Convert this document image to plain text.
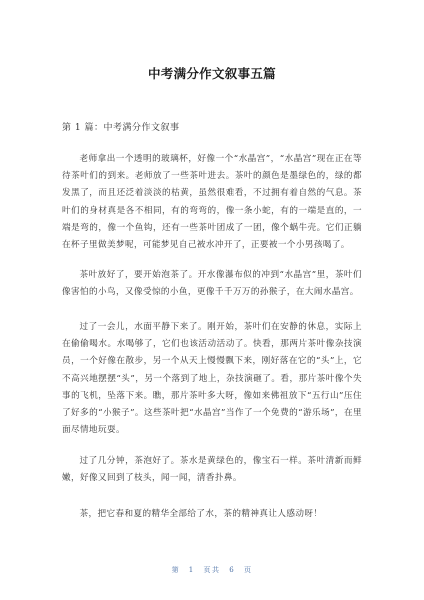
中考满分作文叙事五篇
第 1 篇：中考满分作文叙事

老师拿出一个透明的玻璃杯，好像一个“水晶宫”，“水晶宫”现在正在等待茶叶们的到来。老师放了一些茶叶进去。茶叶的颜色是墨绿色的，绿的都发黑了，而且还泛着淡淡的枯黄，虽然很难看，不过拥有着自然的气息。茶叶们的身材真是各不相同，有的弯弯的，像一条小蛇，有的一端是直的，一端是弯的，像一个鱼钩，还有一些茶叶团成了一团，像个蜗牛壳。它们正躺在杯子里做美梦呢，可能梦见自己被水冲开了，正要被一个小男孩喝了。

茶叶放好了，要开始泡茶了。开水像瀑布似的冲到“水晶宫”里，茶叶们像害怕的小鸟，又像受惊的小鱼，更像千千万万的孙猴子，在大闹水晶宫。

过了一会儿，水面平静下来了。刚开始，茶叶们在安静的休息，实际上在偷偷喝水。水喝够了，它们也该活动活动了。快看，那两片茶叶像杂技演员，一个好像在散步，另一个从天上慢慢飘下来，刚好落在它的“头”上，它不高兴地摆摆“头”，另一个落到了地上，杂技演砸了。看，那片茶叶像个失事的飞机，坠落下来。瞧，那片茶叶多大呀，像如来佛祖放下“五行山”压住了好多的“小猴子”。这些茶叶把“水晶宫”当作了一个免费的“游乐场”，在里面尽情地玩耍。

过了几分钟，茶泡好了。茶水是黄绿色的，像宝石一样。茶叶清新而鲜嫩，好像又回到了枝头，闻一闻，清香扑鼻。

茶，把它春和夏的精华全部给了水，茶的精神真让人感动呀！

第 1 页共 6 页
